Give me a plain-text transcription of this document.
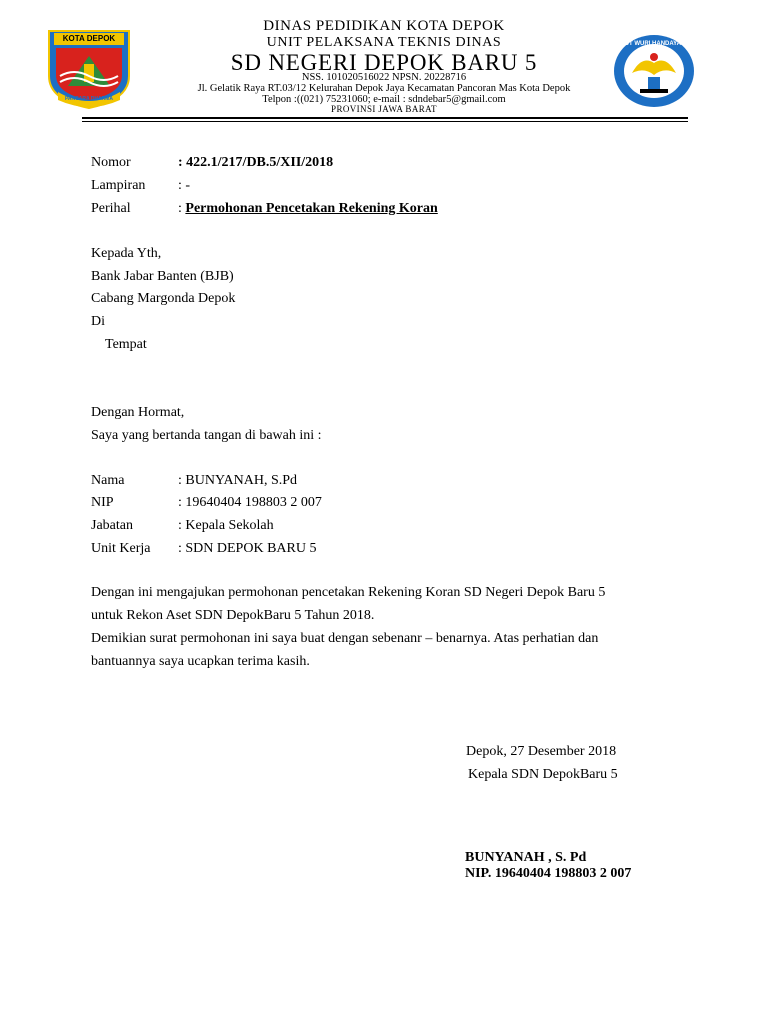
KOTA DEPOK
PANCARA DHARMA
TUT WURI HANDAYANI
DINAS PEDIDIKAN KOTA DEPOK
UNIT PELAKSANA TEKNIS DINAS
SD NEGERI DEPOK BARU 5
NSS. 101020516022 NPSN. 20228716
Jl. Gelatik Raya RT.03/12 Kelurahan Depok Jaya Kecamatan Pancoran Mas Kota Depok
Telpon :((021) 75231060; e-mail : sdndebar5@gmail.com
PROVINSI JAWA BARAT
Nomor	: 422.1/217/DB.5/XII/2018
Lampiran : -
Perihal	: Permohonan Pencetakan Rekening Koran
Kepada Yth,
Bank Jabar Banten (BJB)
Cabang Margonda Depok
Di
Tempat
Dengan Hormat,
Saya yang bertanda tangan di bawah ini :
Nama	: BUNYANAH, S.Pd
NIP	: 19640404 198803 2 007
Jabatan	: Kepala Sekolah
Unit Kerja : SDN DEPOK BARU 5
Dengan ini mengajukan permohonan pencetakan Rekening Koran SD Negeri Depok Baru 5
untuk Rekon Aset SDN DepokBaru 5 Tahun 2018.
Demikian surat permohonan ini saya buat dengan sebenanr – benarnya. Atas perhatian dan
bantuannya saya ucapkan terima kasih.
Depok, 27 Desember 2018
Kepala SDN DepokBaru 5
BUNYANAH , S. Pd
NIP. 19640404 198803 2 007
